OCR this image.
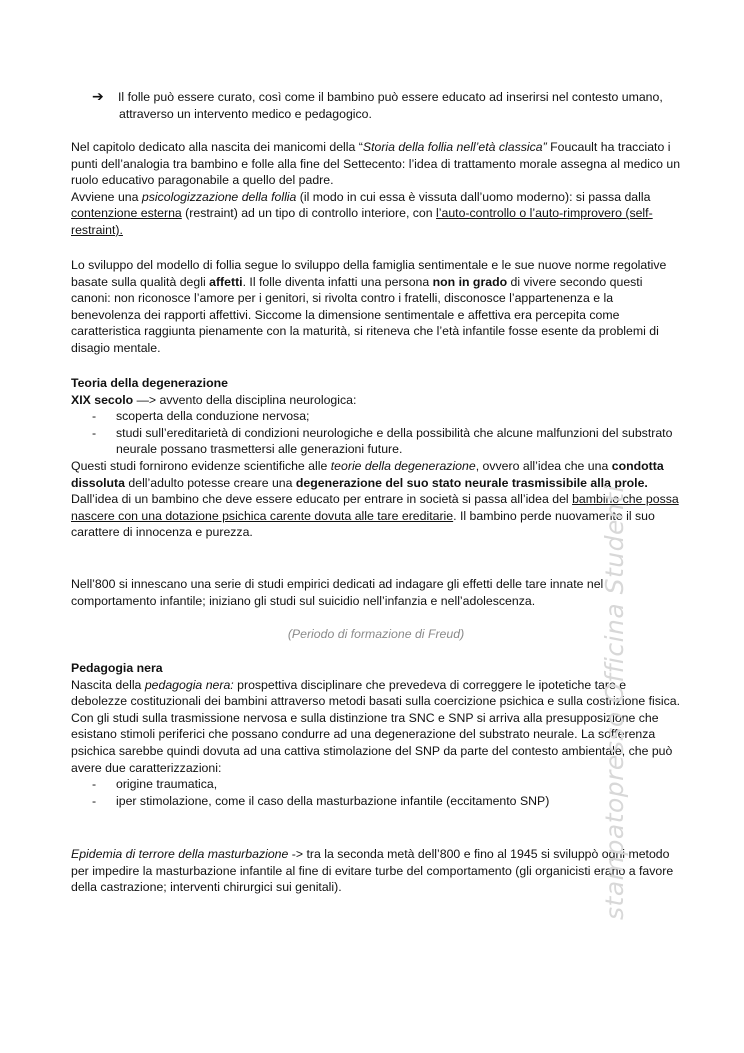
➔ Il folle può essere curato, così come il bambino può essere educato ad inserirsi nel contesto umano,

attraverso un intervento medico e pedagogico.

Nel capitolo dedicato alla nascita dei manicomi della “Storia della follia nell’età classica” Foucault ha tracciato i punti dell’analogia tra bambino e folle alla fine del Settecento: l’idea di trattamento morale assegna al medico un ruolo educativo paragonabile a quello del padre.

Avviene una psicologizzazione della follia (il modo in cui essa è vissuta dall’uomo moderno): si passa dalla contenzione esterna (restraint) ad un tipo di controllo interiore, con l’auto-controllo o l’auto-rimprovero (self-restraint).

Lo sviluppo del modello di follia segue lo sviluppo della famiglia sentimentale e le sue nuove norme regolative basate sulla qualità degli affetti. Il folle diventa infatti una persona non in grado di vivere secondo questi canoni: non riconosce l’amore per i genitori, si rivolta contro i fratelli, disconosce l’appartenenza e la benevolenza dei rapporti affettivi. Siccome la dimensione sentimentale e affettiva era percepita come caratteristica raggiunta pienamente con la maturità, si riteneva che l’età infantile fosse esente da problemi di disagio mentale.

Teoria della degenerazione

XIX secolo —> avvento della disciplina neurologica:

- scoperta della conduzione nervosa;

- studi sull’ereditarietà di condizioni neurologiche e della possibilità che alcune malfunzioni del substrato neurale possano trasmettersi alle generazioni future.

Questi studi fornirono evidenze scientifiche alle teorie della degenerazione, ovvero all’idea che una condotta dissoluta dell’adulto potesse creare una degenerazione del suo stato neurale trasmissibile alla prole.

Dall’idea di un bambino che deve essere educato per entrare in società si passa all’idea del bambino che possa nascere con una dotazione psichica carente dovuta alle tare ereditarie. Il bambino perde nuovamente il suo carattere di innocenza e purezza.

Nell’800 si innescano una serie di studi empirici dedicati ad indagare gli effetti delle tare innate nel comportamento infantile; iniziano gli studi sul suicidio nell’infanzia e nell’adolescenza.

(Periodo di formazione di Freud)

Pedagogia nera

Nascita della pedagogia nera: prospettiva disciplinare che prevedeva di correggere le ipotetiche tare e debolezze costituzionali dei bambini attraverso metodi basati sulla coercizione psichica e sulla costrizione fisica.

Con gli studi sulla trasmissione nervosa e sulla distinzione tra SNC e SNP si arriva alla presupposizione che esistano stimoli periferici che possano condurre ad una degenerazione del substrato neurale. La sofferenza psichica sarebbe quindi dovuta ad una cattiva stimolazione del SNP da parte del contesto ambientale, che può avere due caratterizzazioni:

- origine traumatica,

- iper stimolazione, come il caso della masturbazione infantile (eccitamento SNP)

Epidemia di terrore della masturbazione -> tra la seconda metà dell’800 e fino al 1945 si sviluppò ogni metodo per impedire la masturbazione infantile al fine di evitare turbe del comportamento (gli organicisti erano a favore della castrazione; interventi chirurgici sui genitali).	stampatopresso Officina Studenti
